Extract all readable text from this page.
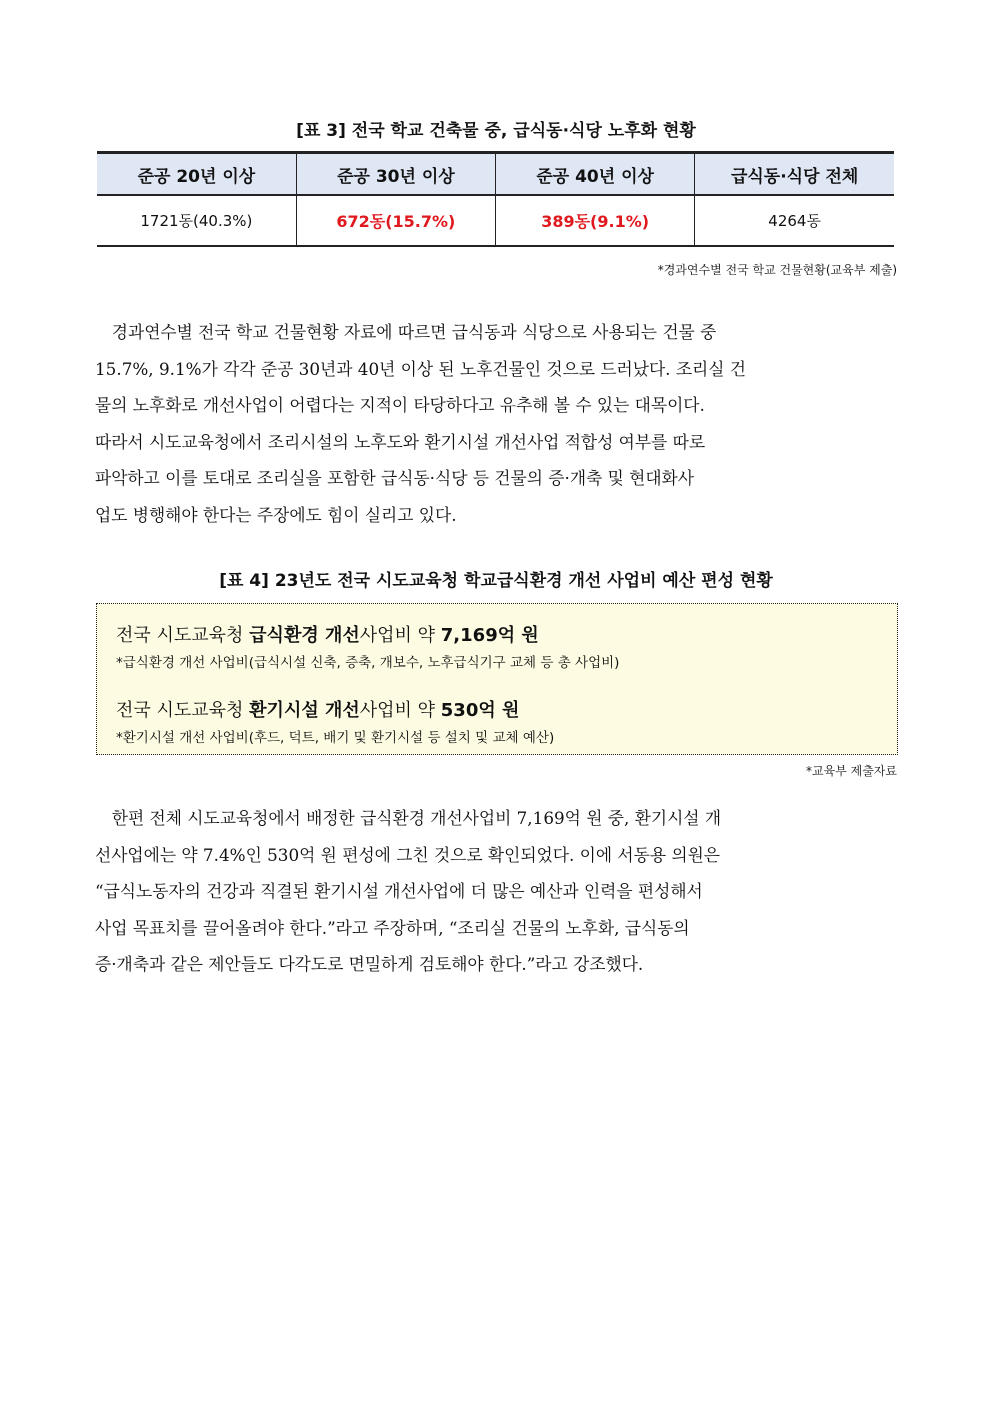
[표 3] 전국 학교 건축물 중, 급식동·식당 노후화 현황
준공 20년 이상	준공 30년 이상	준공 40년 이상	급식동·식당 전체
1721동(40.3%)	672동(15.7%)	389동(9.1%)	4264동
*경과연수별 전국 학교 건물현황(교육부 제출)

　경과연수별 전국 학교 건물현황 자료에 따르면 급식동과 식당으로 사용되는 건물 중
15.7%, 9.1%가 각각 준공 30년과 40년 이상 된 노후건물인 것으로 드러났다. 조리실 건
물의 노후화로 개선사업이 어렵다는 지적이 타당하다고 유추해 볼 수 있는 대목이다.
따라서 시도교육청에서 조리시설의 노후도와 환기시설 개선사업 적합성 여부를 따로
파악하고 이를 토대로 조리실을 포함한 급식동·식당 등 건물의 증·개축 및 현대화사
업도 병행해야 한다는 주장에도 힘이 실리고 있다.

[표 4] 23년도 전국 시도교육청 학교급식환경 개선 사업비 예산 편성 현황
전국 시도교육청 급식환경 개선사업비 약 7,169억 원
*급식환경 개선 사업비(급식시설 신축, 증축, 개보수, 노후급식기구 교체 등 총 사업비)
전국 시도교육청 환기시설 개선사업비 약 530억 원
*환기시설 개선 사업비(후드, 덕트, 배기 및 환기시설 등 설치 및 교체 예산)
*교육부 제출자료

　한편 전체 시도교육청에서 배정한 급식환경 개선사업비 7,169억 원 중, 환기시설 개
선사업에는 약 7.4%인 530억 원 편성에 그친 것으로 확인되었다. 이에 서동용 의원은
“급식노동자의 건강과 직결된 환기시설 개선사업에 더 많은 예산과 인력을 편성해서
사업 목표치를 끌어올려야 한다.”라고 주장하며, “조리실 건물의 노후화, 급식동의
증·개축과 같은 제안들도 다각도로 면밀하게 검토해야 한다.”라고 강조했다.
